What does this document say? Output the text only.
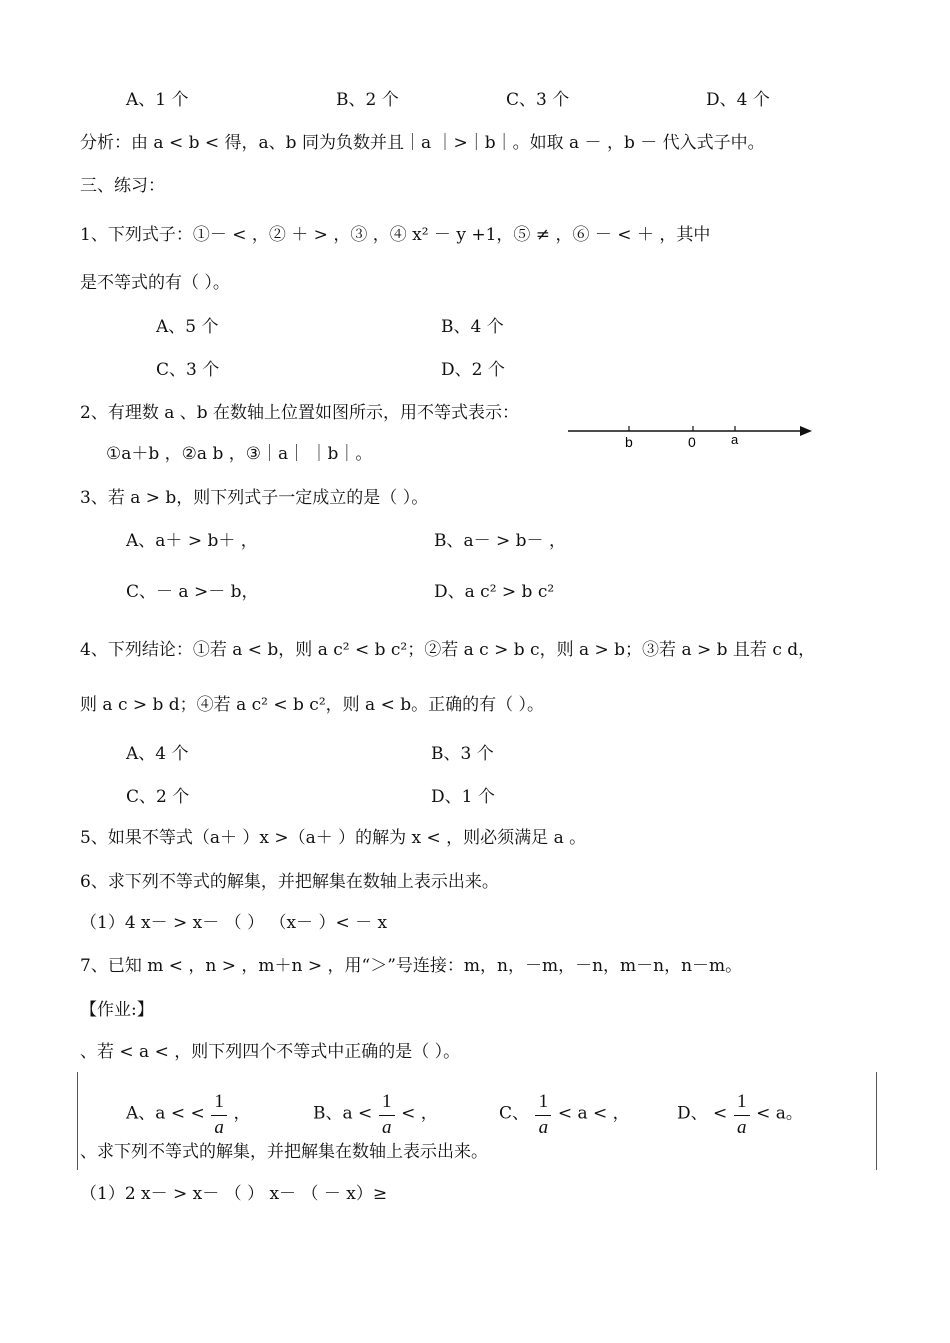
A、1 个	B、2 个	C、3 个	D、4 个
分析：由 a < b < 得，a、b 同为负数并且｜a ｜>｜b｜。如取 a － ，b － 代入式子中。
三、练习：
1、下列式子：①－ < ，② ＋ > ，③ ，④ x² － y +1，⑤ ≠ ，⑥ － < ＋ ，其中
是不等式的有（ ）。
A、5 个	B、4 个
C、3 个	D、2 个
2、有理数 a 、b 在数轴上位置如图所示，用不等式表示：
①a＋b ，②a b ，③｜a｜ ｜b｜。
b	0	a
3、若 a > b，则下列式子一定成立的是（ ）。
A、a＋ > b＋ ，	B、a－ > b－ ，
C、－ a >－ b，	D、a c² > b c²
4、下列结论：①若 a < b，则 a c² < b c²；②若 a c > b c，则 a > b；③若 a > b 且若 c d，
则 a c > b d；④若 a c² < b c²，则 a < b。正确的有（ ）。
A、4 个	B、3 个
C、2 个	D、1 个
5、如果不等式（a＋ ）x >（a＋ ）的解为 x < ，则必须满足 a 。
6、求下列不等式的解集，并把解集在数轴上表示出来。
（1）4 x－ > x－ （ ） （x－ ）< － x
7、已知 m < ，n > ，m＋n > ，用“＞”号连接：m，n，－m，－n，m－n，n－m。
【作业:】
、若 < a < ，则下列四个不等式中正确的是（ ）。
A、a < < $\frac{1}{a}$ ，	B、$a < \frac{1}{a}$ < ，	C、 $\frac{1}{a} < a$ < ，	D、 < $\frac{1}{a} < a$。
、求下列不等式的解集，并把解集在数轴上表示出来。
（1）2 x－ > x－ （ ） x－ （ － x）≥
